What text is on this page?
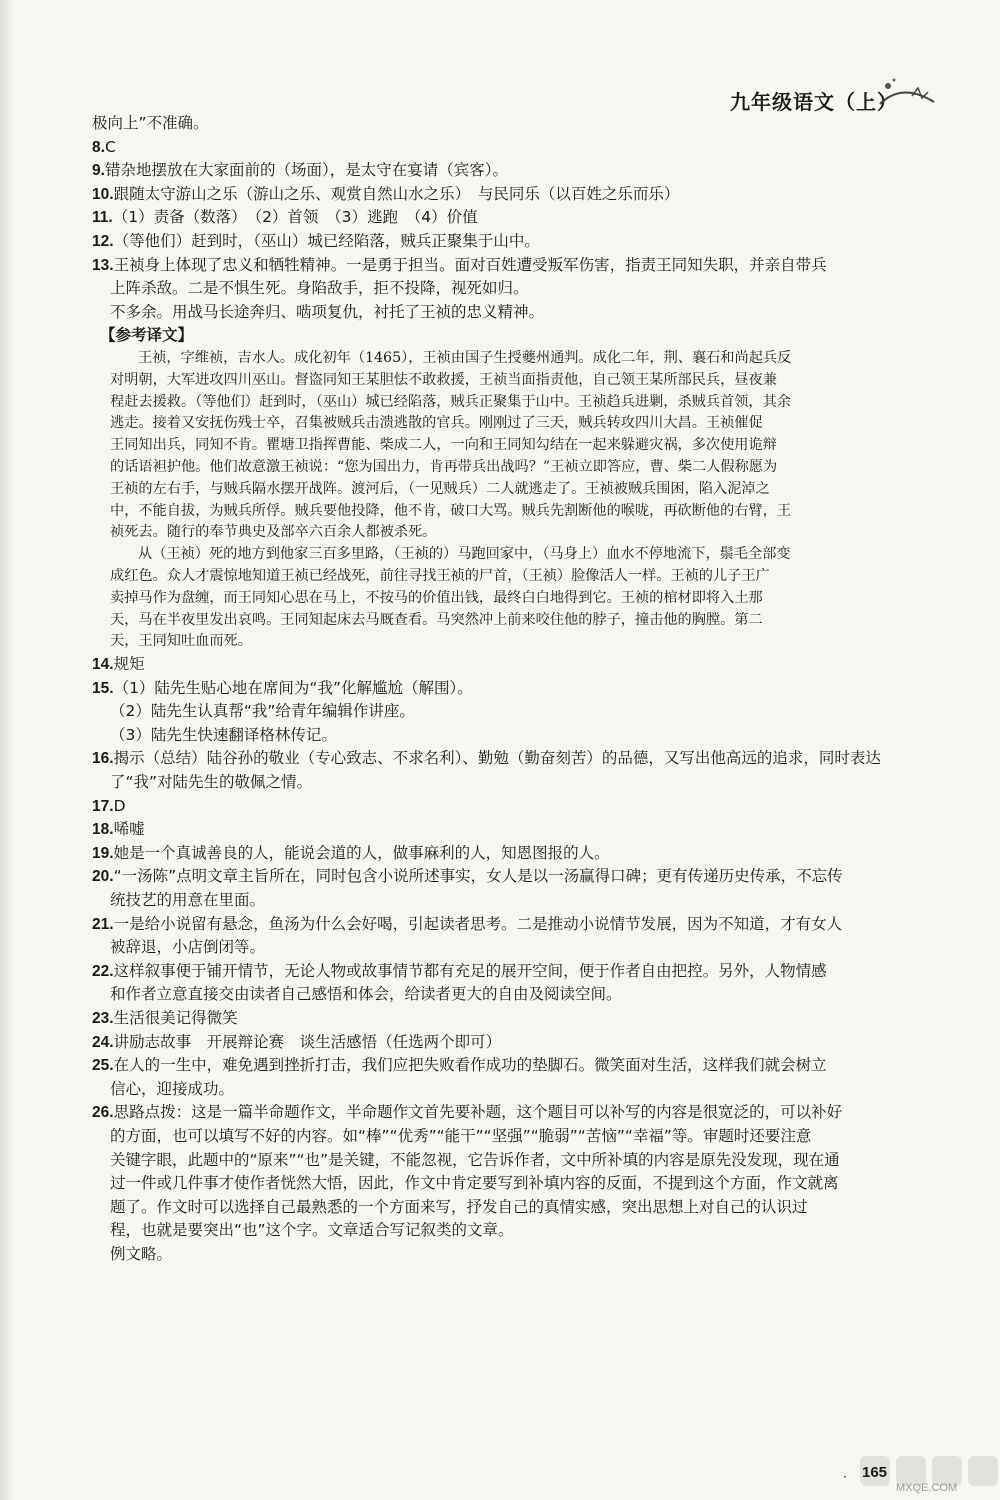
九年级语文（上）
极向上”不准确。
8.C
9.错杂地摆放在大家面前的（场面），是太守在宴请（宾客）。
10.跟随太守游山之乐（游山之乐、观赏自然山水之乐）　与民同乐（以百姓之乐而乐）
11.（1）责备（数落）　（2）首领　（3）逃跑　（4）价值
12.（等他们）赶到时，（巫山）城已经陷落，贼兵正聚集于山中。
13.王祯身上体现了忠义和牺牲精神。一是勇于担当。面对百姓遭受叛军伤害，指责王同知失职，并亲自带兵
上阵杀敌。二是不惧生死。身陷敌手，拒不投降，视死如归。
不多余。用战马长途奔归、啮项复仇，衬托了王祯的忠义精神。
【参考译文】
王祯，字维祯，吉水人。成化初年（1465），王祯由国子生授夔州通判。成化二年，荆、襄石和尚起兵反
对明朝，大军进攻四川巫山。督盗同知王某胆怯不敢救援，王祯当面指责他，自己领王某所部民兵，昼夜兼
程赶去援救。（等他们）赶到时，（巫山）城已经陷落，贼兵正聚集于山中。王祯趋兵进剿，杀贼兵首领，其余
逃走。接着又安抚伤残士卒，召集被贼兵击溃逃散的官兵。刚刚过了三天，贼兵转攻四川大昌。王祯催促
王同知出兵，同知不肯。瞿塘卫指挥曹能、柴成二人，一向和王同知勾结在一起来躲避灾祸，多次使用诡辩
的话语袒护他。他们故意激王祯说：“您为国出力，肯再带兵出战吗？”王祯立即答应，曹、柴二人假称愿为
王祯的左右手，与贼兵隔水摆开战阵。渡河后，（一见贼兵）二人就逃走了。王祯被贼兵围困，陷入泥淖之
中，不能自拔，为贼兵所俘。贼兵要他投降，他不肯，破口大骂。贼兵先割断他的喉咙，再砍断他的右臂，王
祯死去。随行的奉节典史及部卒六百余人都被杀死。
从（王祯）死的地方到他家三百多里路，（王祯的）马跑回家中，（马身上）血水不停地流下，鬃毛全部变
成红色。众人才震惊地知道王祯已经战死，前往寻找王祯的尸首，（王祯）脸像活人一样。王祯的儿子王广
卖掉马作为盘缠，而王同知心思在马上，不按马的价值出钱，最终白白地得到它。王祯的棺材即将入土那
天，马在半夜里发出哀鸣。王同知起床去马厩查看。马突然冲上前来咬住他的脖子，撞击他的胸膛。第二
天，王同知吐血而死。
14.规矩
15.（1）陆先生贴心地在席间为“我”化解尴尬（解围）。
（2）陆先生认真帮“我”给青年编辑作讲座。
（3）陆先生快速翻译格林传记。
16.揭示（总结）陆谷孙的敬业（专心致志、不求名利）、勤勉（勤奋刻苦）的品德，又写出他高远的追求，同时表达
了“我”对陆先生的敬佩之情。
17.D
18.唏嘘
19.她是一个真诚善良的人，能说会道的人，做事麻利的人，知恩图报的人。
20.“一汤陈”点明文章主旨所在，同时包含小说所述事实，女人是以一汤赢得口碑；更有传递历史传承，不忘传
统技艺的用意在里面。
21.一是给小说留有悬念，鱼汤为什么会好喝，引起读者思考。二是推动小说情节发展，因为不知道，才有女人
被辞退，小店倒闭等。
22.这样叙事便于铺开情节，无论人物或故事情节都有充足的展开空间，便于作者自由把控。另外，人物情感
和作者立意直接交由读者自己感悟和体会，给读者更大的自由及阅读空间。
23.生活很美记得微笑
24.讲励志故事　开展辩论赛　谈生活感悟（任选两个即可）
25.在人的一生中，难免遇到挫折打击，我们应把失败看作成功的垫脚石。微笑面对生活，这样我们就会树立
信心，迎接成功。
26.思路点拨：这是一篇半命题作文，半命题作文首先要补题，这个题目可以补写的内容是很宽泛的，可以补好
的方面，也可以填写不好的内容。如“棒”“优秀”“能干”“坚强”“脆弱”“苦恼”“幸福”等。审题时还要注意
关键字眼，此题中的“原来”“也”是关键，不能忽视，它告诉作者，文中所补填的内容是原先没发现，现在通
过一件或几件事才使作者恍然大悟，因此，作文中肯定要写到补填内容的反面，不提到这个方面，作文就离
题了。作文时可以选择自己最熟悉的一个方面来写，抒发自己的真情实感，突出思想上对自己的认识过
程，也就是要突出“也”这个字。文章适合写记叙类的文章。
例文略。
· 165
MXQE.COM
